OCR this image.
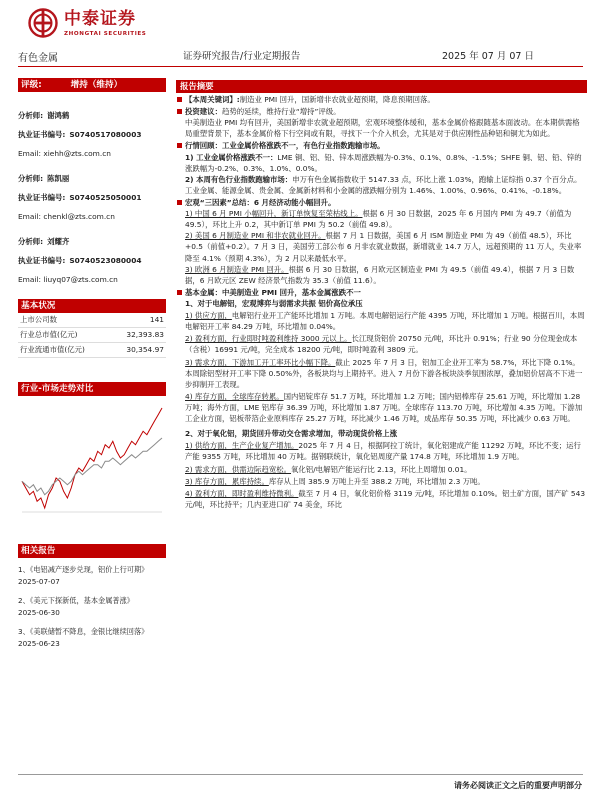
中泰证券
ZHONGTAI SECURITIES
有色金属	证券研究报告/行业定期报告	2025 年 07 月 07 日
评级:	增持（维持）
分析师: 谢鸿鹤
执业证书编号: S0740517080003
Email: xiehh@zts.com.cn
分析师: 陈凯丽
执业证书编号: S0740525050001
Email: chenkl@zts.com.cn
分析师: 刘耀齐
执业证书编号: S0740523080004
Email: liuyq07@zts.com.cn
基本状况
上市公司数	141
行业总市值(亿元)	32,393.83
行业流通市值(亿元)	30,354.97
行业-市场走势对比
相关报告
1、《电铝减产逐步兑现，铝价上行可期》
2025-07-07
2、《美元下探新低，基本金属普涨》
2025-06-30
3、《美联储暂不降息，金银比继续回落》
2025-06-23
报告摘要
【本周关键词】:制造业 PMI 回升，国新增非农就业超预期，降息预期回落。
投资建议：趋势的延续，维持行业“增持”评级。
中美制造业 PMI 均有回升，美国新增非农就业超预期，宏观环境整体缓和，基本金属价格跟随基本面波动。在本期供需格局重塑背景下，基本金属价格下行空间或有限，寻找下一个介入机会，尤其是对于供应刚性品种铝和铜尤为如此。
行情回顾：工业金属价格涨跌不一，有色行业指数跑输市场。
1) 工业金属价格涨跌不一：LME 铜、铝、铅、锌本周涨跌幅为-0.3%、0.1%、0.8%、-1.5%；SHFE 铜、铝、铅、锌的涨跌幅为-0.2%、0.3%、1.0%、0.0%。
2) 本周有色行业指数跑输市场：申万有色金属指数收于 5147.33 点，环比上涨 1.03%，跑输上证综指 0.37 个百分点。工业金属、能源金属、贵金属、金属新材料和小金属的涨跌幅分别为 1.46%、1.00%、0.96%、0.41%、-0.18%。
宏观“三因素”总结：6 月经济动能小幅回升。
1) 中国 6 月 PMI 小幅回升，新订单恢复至荣枯线上。根据 6 月 30 日数据，2025 年 6 月国内 PMI 为 49.7（前值为 49.5），环比上升 0.2，其中新订单 PMI 为 50.2（前值 49.8）。
2) 美国 6 月制造业 PMI 和非农就业回升。根据 7 月 1 日数据，美国 6 月 ISM 制造业 PMI 为 49（前值 48.5），环比+0.5（前值+0.2）。7 月 3 日，美国劳工部公布 6 月非农就业数据，新增就业 14.7 万人，远超预期的 11 万人，失业率降至 4.1%（预期 4.3%），为 2 月以来最低水平。
3) 欧洲 6 月制造业 PMI 回升。根据 6 月 30 日数据，6 月欧元区制造业 PMI 为 49.5（前值 49.4），根据 7 月 3 日数据，6 月欧元区 ZEW 经济景气指数为 35.3（前值 11.6）。
基本金属：中美制造业 PMI 回升，基本金属涨跌不一
1、对于电解铝，宏观博弈与弱需求共振 铝价高位承压
1) 供应方面，电解铝行业开工产能环比增加 1 万吨。本周电解铝运行产能 4395 万吨，环比增加 1 万吨。根据百川，本周电解铝开工率 84.29 万吨，环比增加 0.04%。
2) 盈利方面，行业即时吨盈利维持 3000 元以上。长江现货铝价 20750 元/吨，环比升 0.91%；行业 90 分位现金成本（含税）16991 元/吨，完全成本 18200 元/吨，即时吨盈利 3809 元。
3) 需求方面，下游加工开工率环比小幅下降。截止 2025 年 7 月 3 日，铝加工企业开工率为 58.7%，环比下降 0.1%。本周除铝型材开工率下降 0.50%外，各板块均与上期持平。进入 7 月份下游各板块淡季氛围浓厚，叠加铝价居高不下进一步抑制开工表现。
4) 库存方面，全球库存转累。国内铝锭库存 51.7 万吨，环比增加 1.2 万吨；国内铝棒库存 25.61 万吨，环比增加 1.28 万吨；海外方面，LME 铝库存 36.39 万吨，环比增加 1.87 万吨。全球库存 113.70 万吨，环比增加 4.35 万吨。下游加工企业方面，铝板带箔企业原料库存 25.27 万吨，环比减少 1.46 万吨，成品库存 50.35 万吨，环比减少 0.63 万吨。
2、对于氧化铝，期货回升带动交仓需求增加，带动现货价格上涨
1) 供给方面，生产企业复产增加。2025 年 7 月 4 日，根据阿拉丁统计，氧化铝建成产能 11292 万吨，环比不变；运行产能 9355 万吨，环比增加 40 万吨。据钢联统计，氧化铝周度产量 174.8 万吨，环比增加 1.9 万吨。
2) 需求方面，供需边际趋宽松。氧化铝/电解铝产能运行比 2.13，环比上周增加 0.01。
3) 库存方面，累库持续。库存从上周 385.9 万吨上升至 388.2 万吨，环比增加 2.3 万吨。
4) 盈利方面，即时盈利维持微利。截至 7 月 4 日，氧化铝价格 3119 元/吨，环比增加 0.10%。铝土矿方面，国产矿 543 元/吨，环比持平；几内亚进口矿 74 美金，环比
请务必阅读正文之后的重要声明部分
